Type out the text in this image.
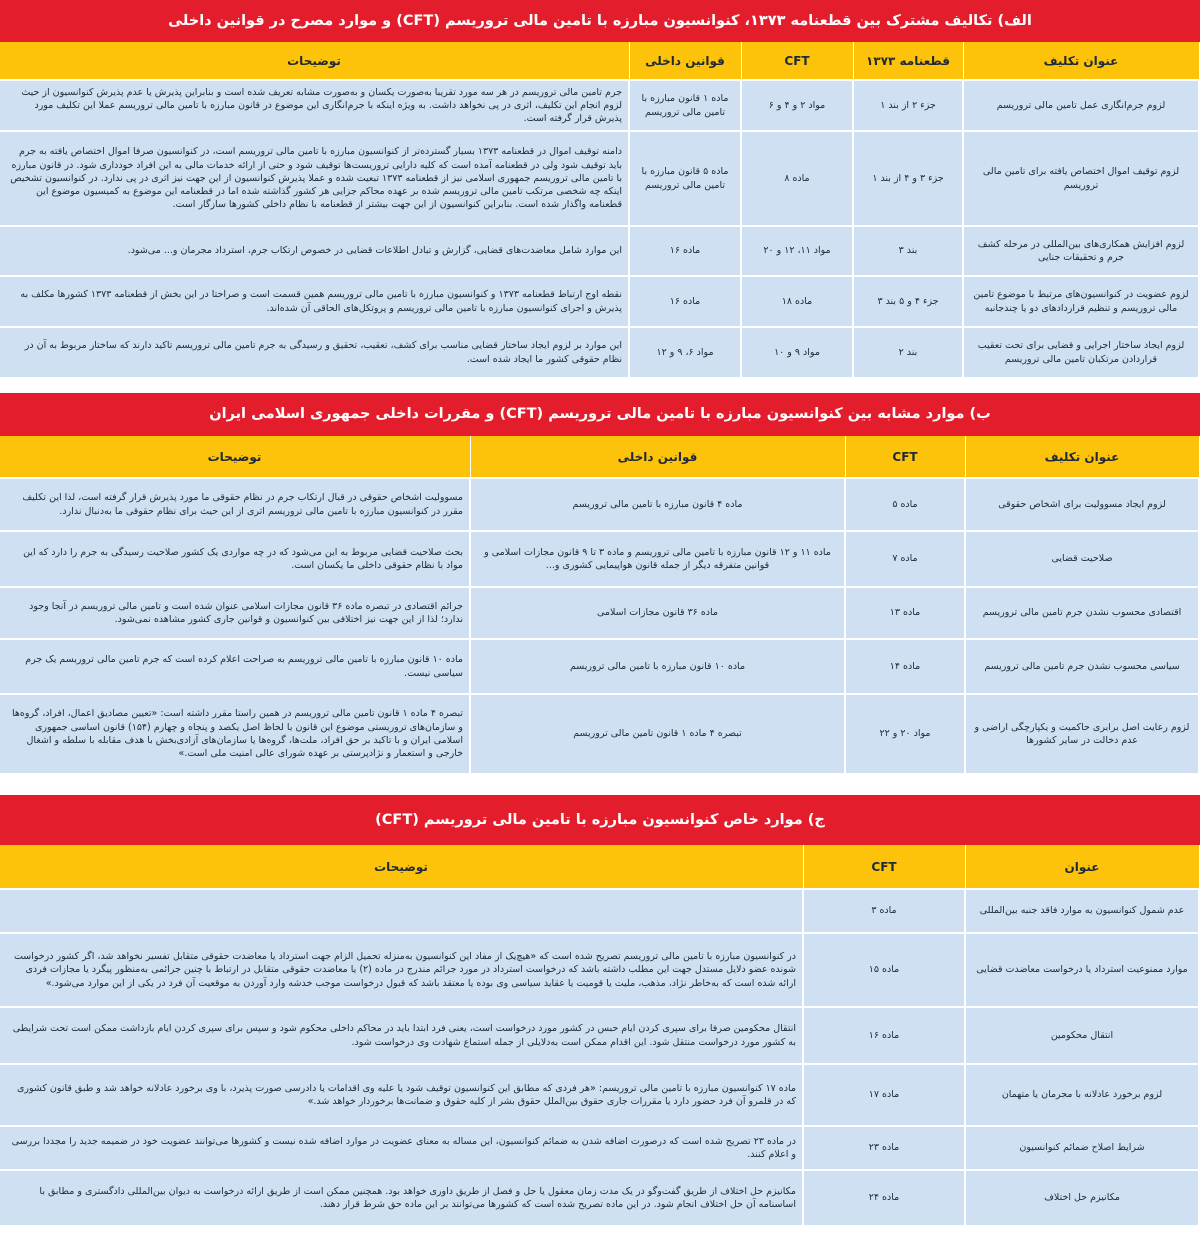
الف) تکالیف مشترک بین قطعنامه ۱۳۷۳، کنوانسیون مبارزه با تامین مالی تروریسم (CFT) و موارد مصرح در قوانین داخلی
عنوان تکلیف	قطعنامه ۱۳۷۳	CFT	قوانین داخلی	توضیحات
لزوم جرم‌انگاری عمل تامین مالی تروریسم	جزء ۲ از بند ۱	مواد ۲ و ۴ و ۶	ماده ۱ قانون مبارزه با تامین مالی تروریسم	جرم تامین مالی تروریسم در هر سه مورد تقریبا به‌صورت یکسان و به‌صورت مشابه تعریف شده است و بنابراین پذیرش یا عدم پذیرش کنوانسیون از حیث لزوم انجام این تکلیف، اثری در پی نخواهد داشت. به ویژه اینکه با جرم‌انگاری این موضوع در قانون مبارزه با تامین مالی تروریسم عملا این تکلیف مورد پذیرش قرار گرفته است.
لزوم توقیف اموال اختصاص یافته برای تامین مالی تروریسم	جزء ۳ و ۴ از بند ۱	ماده ۸	ماده ۵ قانون مبارزه با تامین مالی تروریسم	دامنه توقیف اموال در قطعنامه ۱۳۷۳ بسیار گسترده‌تر از کنوانسیون مبارزه با تامین مالی تروریسم است، در کنوانسیون صرفا اموال اختصاص یافته به جرم باید توقیف شود ولی در قطعنامه آمده است که کلیه دارایی تروریست‌ها توقیف شود و حتی از ارائه خدمات مالی به این افراد خودداری شود. در قانون مبارزه با تامین مالی تروریسم جمهوری اسلامی نیز از قطعنامه ۱۳۷۳ تبعیت شده و عملا پذیرش کنوانسیون از این جهت نیز اثری در پی ندارد. در کنوانسیون تشخیص اینکه چه شخصی مرتکب تامین مالی تروریسم شده بر عهده محاکم جزایی هر کشور گذاشته شده اما در قطعنامه این موضوع به کمیسیون موضوع این قطعنامه واگذار شده است. بنابراین کنوانسیون از این جهت بیشتر از قطعنامه با نظام داخلی کشورها سازگار است.
لزوم افزایش همکاری‌های بین‌المللی در مرحله کشف جرم و تحقیقات جنایی	بند ۳	مواد ۱۱، ۱۲ و ۲۰	ماده ۱۶	این موارد شامل معاضدت‌های قضایی، گزارش و تبادل اطلاعات قضایی در خصوص ارتکاب جرم، استرداد مجرمان و... می‌شود.
لزوم عضویت در کنوانسیون‌های مرتبط با موضوع تامین مالی تروریسم و تنظیم قراردادهای دو یا چندجانبه	جزء ۴ و ۵ بند ۳	ماده ۱۸	ماده ۱۶	نقطه اوج ارتباط قطعنامه ۱۳۷۳ و کنوانسیون مبارزه با تامین مالی تروریسم همین قسمت است و صراحتا در این بخش از قطعنامه ۱۳۷۳ کشورها مکلف به پذیرش و اجرای کنوانسیون مبارزه با تامین مالی تروریسم و پروتکل‌های الحاقی آن شده‌اند.
لزوم ایجاد ساختار اجرایی و قضایی برای تحت تعقیب قراردادن مرتکبان تامین مالی تروریسم	بند ۲	مواد ۹ و ۱۰	مواد ۶، ۹ و ۱۲	این موارد بر لزوم ایجاد ساختار قضایی مناسب برای کشف، تعقیب، تحقیق و رسیدگی به جرم تامین مالی تروریسم تاکید دارند که ساختار مربوط به آن در نظام حقوقی کشور ما ایجاد شده است.
ب) موارد مشابه بین کنوانسیون مبارزه با تامین مالی تروریسم (CFT) و مقررات داخلی جمهوری اسلامی ایران
عنوان تکلیف	CFT	قوانین داخلی	توضیحات
لزوم ایجاد مسوولیت برای اشخاص حقوقی	ماده ۵	ماده ۴ قانون مبارزه با تامین مالی تروریسم	مسوولیت اشخاص حقوقی در قبال ارتکاب جرم در نظام حقوقی ما مورد پذیرش قرار گرفته است، لذا این تکلیف مقرر در کنوانسیون مبارزه با تامین مالی تروریسم اثری از این حیث برای نظام حقوقی ما به‌دنبال ندارد.
صلاحیت قضایی	ماده ۷	ماده ۱۱ و ۱۲ قانون مبارزه با تامین مالی تروریسم و ماده ۳ تا ۹ قانون مجازات اسلامی و قوانین متفرقه دیگر از جمله قانون هواپیمایی کشوری و...	بحث صلاحیت قضایی مربوط به این می‌شود که در چه مواردی یک کشور صلاحیت رسیدگی به جرم را دارد که این مواد با نظام حقوقی داخلی ما یکسان است.
اقتصادی محسوب نشدن جرم تامین مالی تروریسم	ماده ۱۳	ماده ۳۶ قانون مجازات اسلامی	جرائم اقتصادی در تبصره ماده ۳۶ قانون مجازات اسلامی عنوان شده است و تامین مالی تروریسم در آنجا وجود ندارد؛ لذا از این جهت نیز اختلافی بین کنوانسیون و قوانین جاری کشور مشاهده نمی‌شود.
سیاسی محسوب نشدن جرم تامین مالی تروریسم	ماده ۱۴	ماده ۱۰ قانون مبارزه با تامین مالی تروریسم	ماده ۱۰ قانون مبارزه با تامین مالی تروریسم به صراحت اعلام کرده است که جرم تامین مالی تروریسم یک جرم سیاسی نیست.
لزوم رعایت اصل برابری حاکمیت و یکپارچگی اراضی و عدم دخالت در سایر کشورها	مواد ۲۰ و ۲۲	تبصره ۴ ماده ۱ قانون تامین مالی تروریسم	تبصره ۴ ماده ۱ قانون تامین مالی تروریسم در همین راستا مقرر داشته است: «تعیین مصادیق اعمال، افراد، گروه‌ها و سازمان‌های تروریستی موضوع این قانون با لحاظ اصل یکصد و پنجاه و چهارم (۱۵۴) قانون اساسی جمهوری اسلامی ایران و با تاکید بر حق افراد، ملت‌ها، گروه‌ها یا سازمان‌های آزادی‌بخش با هدف مقابله با سلطه و اشغال خارجی و استعمار و نژادپرستی بر عهده شورای عالی امنیت ملی است.»
ج) موارد خاص کنوانسیون مبارزه با تامین مالی تروریسم (CFT)
عنوان	CFT	توضیحات
عدم شمول کنوانسیون به موارد فاقد جنبه بین‌المللی	ماده ۳	
موارد ممنوعیت استرداد یا درخواست معاضدت قضایی	ماده ۱۵	در کنوانسیون مبارزه با تامین مالی تروریسم تصریح شده است که «هیچ‌یک از مفاد این کنوانسیون به‌منزله تحمیل الزام جهت استرداد یا معاضدت حقوقی متقابل تفسیر نخواهد شد، اگر کشور درخواست شونده عضو دلایل مستدل جهت این مطلب داشته باشد که درخواست استرداد در مورد جرائم مندرج در ماده (۲) یا معاضدت حقوقی متقابل در ارتباط با چنین جرائمی به‌منظور پیگرد یا مجازات فردی ارائه شده است که به‌خاطر نژاد، مذهب، ملیت یا قومیت یا عقاید سیاسی وی بوده یا معتقد باشد که قبول درخواست موجب خدشه وارد آوردن به موقعیت آن فرد در یکی از این موارد می‌شود.»
انتقال محکومین	ماده ۱۶	انتقال محکومین صرفا برای سپری کردن ایام حبس در کشور مورد درخواست است، یعنی فرد ابتدا باید در محاکم داخلی محکوم شود و سپس برای سپری کردن ایام بازداشت ممکن است تحت شرایطی به کشور مورد درخواست منتقل شود. این اقدام ممکن است به‌دلایلی از جمله استماع شهادت وی درخواست شود.
لزوم برخورد عادلانه با مجرمان یا متهمان	ماده ۱۷	ماده ۱۷ کنوانسیون مبارزه با تامین مالی تروریسم: «هر فردی که مطابق این کنوانسیون توقیف شود یا علیه وی اقدامات یا دادرسی صورت پذیرد، با وی برخورد عادلانه خواهد شد و طبق قانون کشوری که در قلمرو آن فرد حضور دارد یا مقررات جاری حقوق بین‌الملل حقوق بشر از کلیه حقوق و ضمانت‌ها برخوردار خواهد شد.»
شرایط اصلاح ضمائم کنوانسیون	ماده ۲۳	در ماده ۲۳ تصریح شده است که درصورت اضافه شدن به ضمائم کنوانسیون، این مساله به معنای عضویت در موارد اضافه شده نیست و کشورها می‌توانند عضویت خود در ضمیمه جدید را مجددا بررسی و اعلام کنند.
مکانیزم حل اختلاف	ماده ۲۴	مکانیزم حل اختلاف از طریق گفت‌وگو در یک مدت زمان معقول یا حل و فصل از طریق داوری خواهد بود. همچنین ممکن است از طریق ارائه درخواست به دیوان بین‌المللی دادگستری و مطابق با اساسنامه آن حل اختلاف انجام شود. در این ماده تصریح شده است که کشورها می‌توانند بر این ماده حق شرط قرار دهند.
